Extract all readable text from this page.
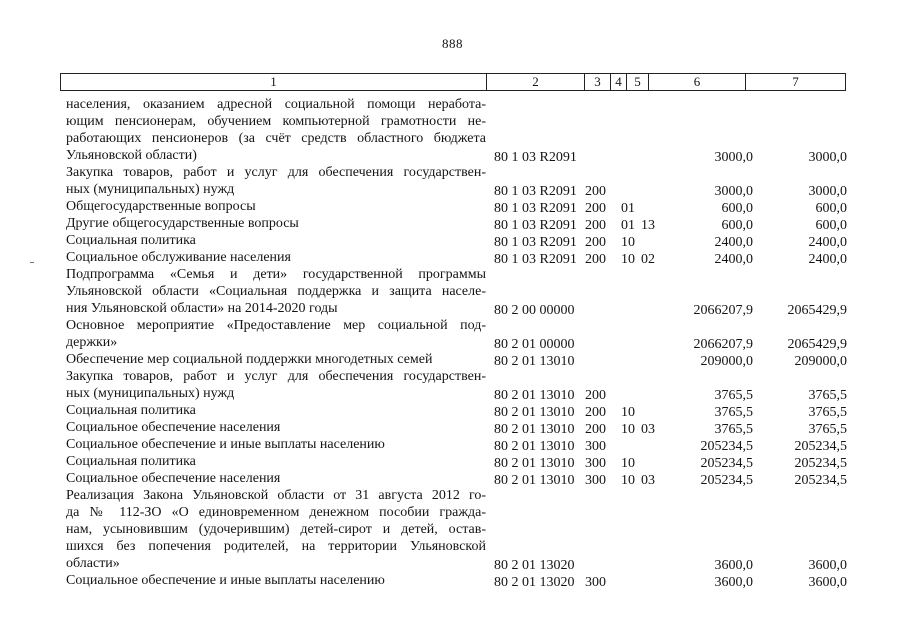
888
1	2	3	4	5	6	7
населения, оказанием адресной социальной помощи неработа-
ющим пенсионерам, обучением компьютерной грамотности не-
работающих пенсионеров (за счёт средств областного бюджета
Ульяновской области)	80 1 03 R2091	3000,0	3000,0
Закупка товаров, работ и услуг для обеспечения государствен-
ных (муниципальных) нужд	80 1 03 R2091 200	3000,0	3000,0
Общегосударственные вопросы	80 1 03 R2091 200 01	600,0	600,0
Другие общегосударственные вопросы	80 1 03 R2091 200 01 13	600,0	600,0
Социальная политика	80 1 03 R2091 200 10	2400,0	2400,0
Социальное обслуживание населения	80 1 03 R2091 200 10 02	2400,0	2400,0
Подпрограмма «Семья и дети» государственной программы
Ульяновской области «Социальная поддержка и защита населе-
ния Ульяновской области» на 2014-2020 годы	80 2 00 00000	2066207,9 2065429,9
Основное мероприятие «Предоставление мер социальной под-
держки»	80 2 01 00000	2066207,9 2065429,9
Обеспечение мер социальной поддержки многодетных семей	80 2 01 13010	209000,0	209000,0
Закупка товаров, работ и услуг для обеспечения государствен-
ных (муниципальных) нужд	80 2 01 13010 200	3765,5	3765,5
Социальная политика	80 2 01 13010 200 10	3765,5	3765,5
Социальное обеспечение населения	80 2 01 13010 200 10 03	3765,5	3765,5
Социальное обеспечение и иные выплаты населению	80 2 01 13010 300	205234,5	205234,5
Социальная политика	80 2 01 13010 300 10	205234,5	205234,5
Социальное обеспечение населения	80 2 01 13010 300 10 03	205234,5	205234,5
Реализация Закона Ульяновской области от 31 августа 2012 го-
да № 112-ЗО «О единовременном денежном пособии гражда-
нам, усыновившим (удочерившим) детей-сирот и детей, остав-
шихся без попечения родителей, на территории Ульяновской
области»	80 2 01 13020	3600,0	3600,0
Социальное обеспечение и иные выплаты населению	80 2 01 13020 300	3600,0	3600,0
